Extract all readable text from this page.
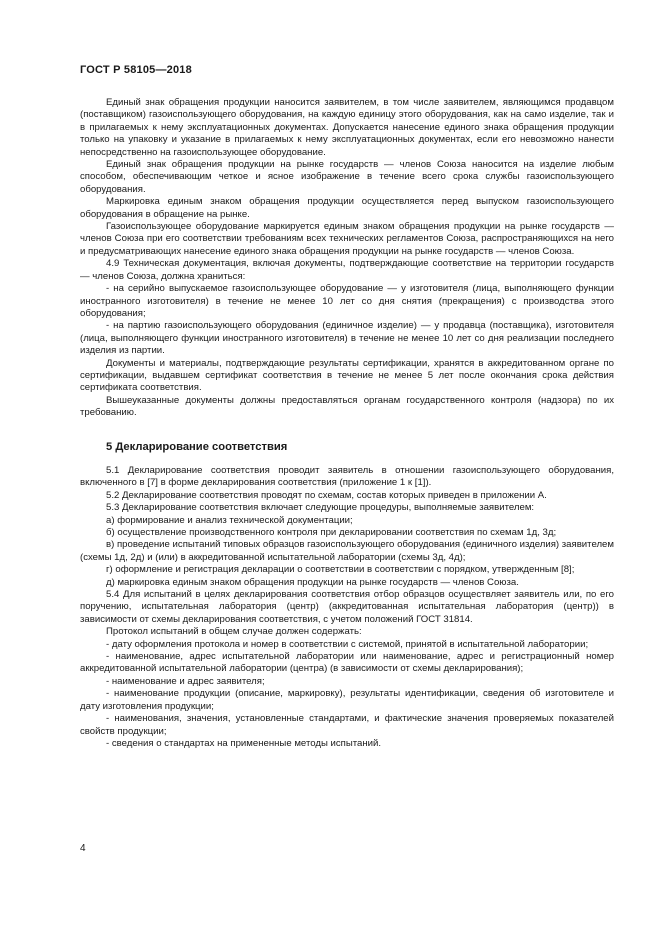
ГОСТ Р 58105—2018

Единый знак обращения продукции наносится заявителем, в том числе заявителем, являющимся продавцом (поставщиком) газоиспользующего оборудования, на каждую единицу этого оборудования, как на само изделие, так и в прилагаемых к нему эксплуатационных документах. Допускается нанесение единого знака обращения продукции только на упаковку и указание в прилагаемых к нему эксплуатационных документах, если его невозможно нанести непосредственно на газоиспользующее оборудование.

Единый знак обращения продукции на рынке государств — членов Союза наносится на изделие любым способом, обеспечивающим четкое и ясное изображение в течение всего срока службы газоиспользующего оборудования.

Маркировка единым знаком обращения продукции осуществляется перед выпуском газоиспользующего оборудования в обращение на рынке.

Газоиспользующее оборудование маркируется единым знаком обращения продукции на рынке государств — членов Союза при его соответствии требованиям всех технических регламентов Союза, распространяющихся на него и предусматривающих нанесение единого знака обращения продукции на рынке государств — членов Союза.

4.9 Техническая документация, включая документы, подтверждающие соответствие на территории государств — членов Союза, должна храниться:

- на серийно выпускаемое газоиспользующее оборудование — у изготовителя (лица, выполняющего функции иностранного изготовителя) в течение не менее 10 лет со дня снятия (прекращения) с производства этого оборудования;

- на партию газоиспользующего оборудования (единичное изделие) — у продавца (поставщика), изготовителя (лица, выполняющего функции иностранного изготовителя) в течение не менее 10 лет со дня реализации последнего изделия из партии.

Документы и материалы, подтверждающие результаты сертификации, хранятся в аккредитованном органе по сертификации, выдавшем сертификат соответствия в течение не менее 5 лет после окончания срока действия сертификата соответствия.

Вышеуказанные документы должны предоставляться органам государственного контроля (надзора) по их требованию.

5 Декларирование соответствия

5.1 Декларирование соответствия проводит заявитель в отношении газоиспользующего оборудования, включенного в [7] в форме декларирования соответствия (приложение 1 к [1]).

5.2 Декларирование соответствия проводят по схемам, состав которых приведен в приложении А.

5.3 Декларирование соответствия включает следующие процедуры, выполняемые заявителем:

а) формирование и анализ технической документации;

б) осуществление производственного контроля при декларировании соответствия по схемам 1д, 3д;

в) проведение испытаний типовых образцов газоиспользующего оборудования (единичного изделия) заявителем (схемы 1д, 2д) и (или) в аккредитованной испытательной лаборатории (схемы 3д, 4д);

г) оформление и регистрация декларации о соответствии в соответствии с порядком, утвержденным [8];

д) маркировка единым знаком обращения продукции на рынке государств — членов Союза.

5.4 Для испытаний в целях декларирования соответствия отбор образцов осуществляет заявитель или, по его поручению, испытательная лаборатория (центр) (аккредитованная испытательная лаборатория (центр)) в зависимости от схемы декларирования соответствия, с учетом положений ГОСТ 31814.

Протокол испытаний в общем случае должен содержать:

- дату оформления протокола и номер в соответствии с системой, принятой в испытательной лаборатории;

- наименование, адрес испытательной лаборатории или наименование, адрес и регистрационный номер аккредитованной испытательной лаборатории (центра) (в зависимости от схемы декларирования);

- наименование и адрес заявителя;

- наименование продукции (описание, маркировку), результаты идентификации, сведения об изготовителе и дату изготовления продукции;

- наименования, значения, установленные стандартами, и фактические значения проверяемых показателей свойств продукции;

- сведения о стандартах на примененные методы испытаний.

4
